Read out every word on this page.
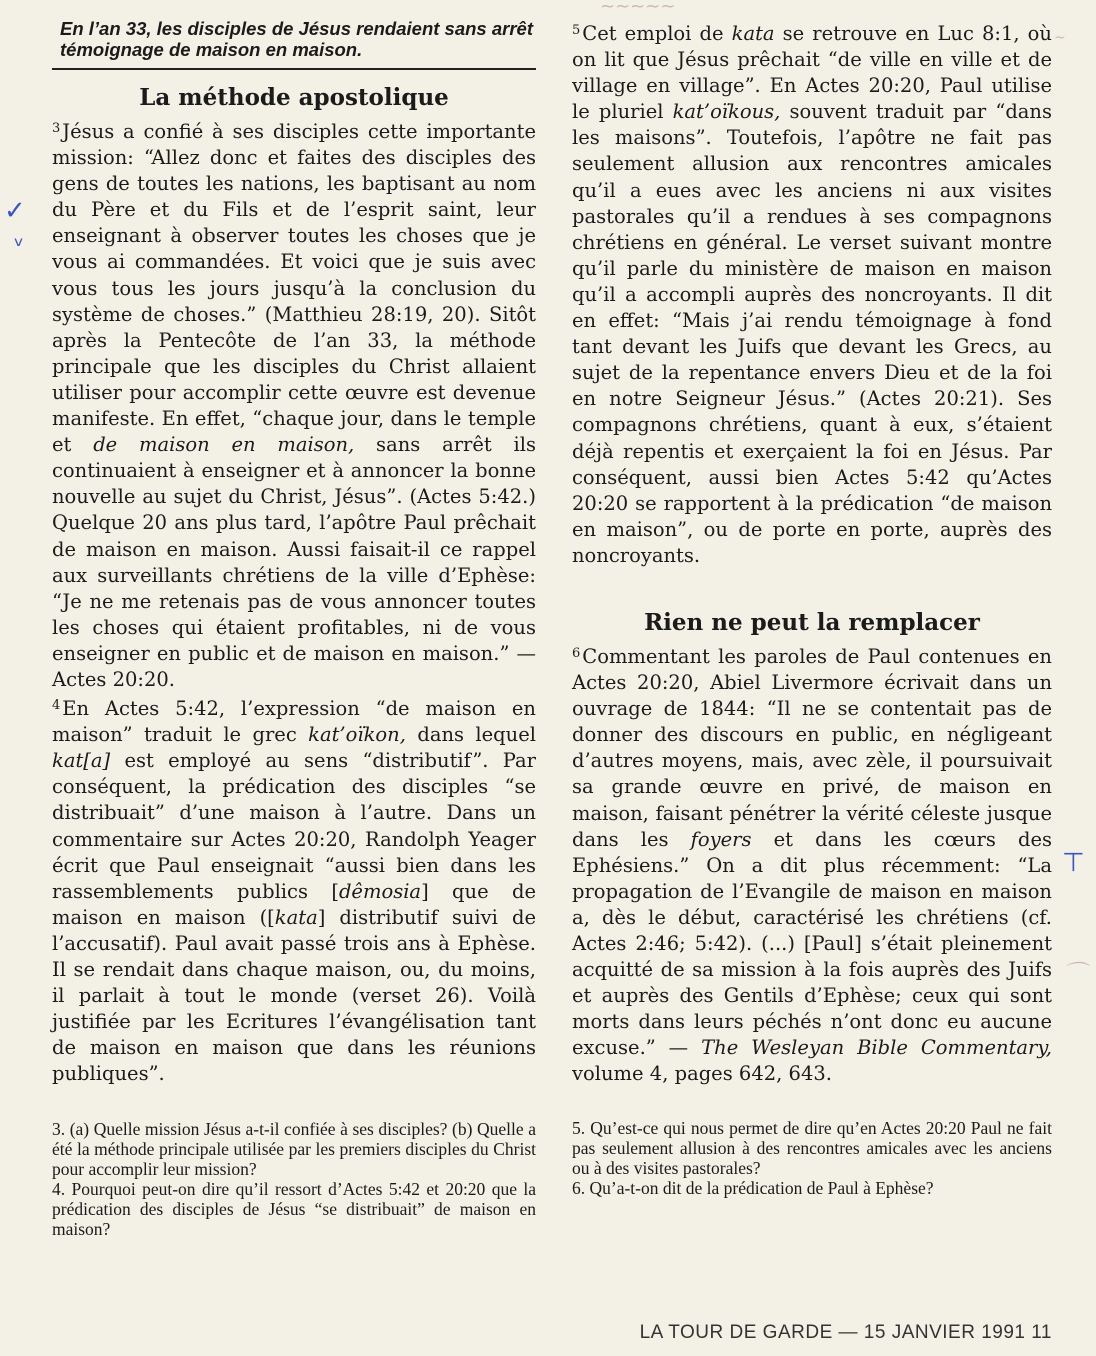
En l’an 33, les disciples de Jésus rendaient sans arrêt témoignage de maison en maison.

La méthode apostolique

$^3$ Jésus a confié à ses disciples cette importante mission: “Allez donc et faites des disciples des gens de toutes les nations, les baptisant au nom du Père et du Fils et de l’esprit saint, leur enseignant à observer toutes les choses que je vous ai commandées. Et voici que je suis avec vous tous les jours jusqu’à la conclusion du système de choses.” (Matthieu 28:19, 20). Sitôt après la Pentecôte de l’an 33, la méthode principale que les disciples du Christ allaient utiliser pour accomplir cette œuvre est devenue manifeste. En effet, “chaque jour, dans le temple et de maison en maison, sans arrêt ils continuaient à enseigner et à annoncer la bonne nouvelle au sujet du Christ, Jésus”. (Actes 5:42.) Quelque 20 ans plus tard, l’apôtre Paul prêchait de maison en maison. Aussi faisait-il ce rappel aux surveillants chrétiens de la ville d’Ephèse: “Je ne me retenais pas de vous annoncer toutes les choses qui étaient profitables, ni de vous enseigner en public et de maison en maison.” — Actes 20:20.

$^4$ En Actes 5:42, l’expression “de maison en maison” traduit le grec kat’oïkon, dans lequel kat[a] est employé au sens “distributif”. Par conséquent, la prédication des disciples “se distribuait” d’une maison à l’autre. Dans un commentaire sur Actes 20:20, Randolph Yeager écrit que Paul enseignait “aussi bien dans les rassemblements publics [dêmosia] que de maison en maison ([kata] distributif suivi de l’accusatif). Paul avait passé trois ans à Ephèse. Il se rendait dans chaque maison, ou, du moins, il parlait à tout le monde (verset 26). Voilà justifiée par les Ecritures l’évangélisation tant de maison en maison que dans les réunions publiques”.

3. (a) Quelle mission Jésus a-t-il confiée à ses disciples? (b) Quelle a été la méthode principale utilisée par les premiers disciples du Christ pour accomplir leur mission?

4. Pourquoi peut-on dire qu’il ressort d’Actes 5:42 et 20:20 que la prédication des disciples de Jésus “se distribuait” de maison en maison?

$^5$ Cet emploi de kata se retrouve en Luc 8:1, où on lit que Jésus prêchait “de ville en ville et de village en village”. En Actes 20:20, Paul utilise le pluriel kat’oïkous, souvent traduit par “dans les maisons”. Toutefois, l’apôtre ne fait pas seulement allusion aux rencontres amicales qu’il a eues avec les anciens ni aux visites pastorales qu’il a rendues à ses compagnons chrétiens en général. Le verset suivant montre qu’il parle du ministère de maison en maison qu’il a accompli auprès des noncroyants. Il dit en effet: “Mais j’ai rendu témoignage à fond tant devant les Juifs que devant les Grecs, au sujet de la repentance envers Dieu et de la foi en notre Seigneur Jésus.” (Actes 20:21). Ses compagnons chrétiens, quant à eux, s’étaient déjà repentis et exerçaient la foi en Jésus. Par conséquent, aussi bien Actes 5:42 qu’Actes 20:20 se rapportent à la prédication “de maison en maison”, ou de porte en porte, auprès des noncroyants.

Rien ne peut la remplacer

$^6$ Commentant les paroles de Paul contenues en Actes 20:20, Abiel Livermore écrivait dans un ouvrage de 1844: “Il ne se contentait pas de donner des discours en public, en négligeant d’autres moyens, mais, avec zèle, il poursuivait sa grande œuvre en privé, de maison en maison, faisant pénétrer la vérité céleste jusque dans les foyers et dans les cœurs des Ephésiens.” On a dit plus récemment: “La propagation de l’Evangile de maison en maison a, dès le début, caractérisé les chrétiens (cf. Actes 2:46; 5:42). (...) [Paul] s’était pleinement acquitté de sa mission à la fois auprès des Juifs et auprès des Gentils d’Ephèse; ceux qui sont morts dans leurs péchés n’ont donc eu aucune excuse.” — The Wesleyan Bible Commentary, volume 4, pages 642, 643.

5. Qu’est-ce qui nous permet de dire qu’en Actes 20:20 Paul ne fait pas seulement allusion à des rencontres amicales avec les anciens ou à des visites pastorales?

6. Qu’a-t-on dit de la prédication de Paul à Ephèse?

LA TOUR DE GARDE — 15 JANVIER 1991 11
✓
ᵛ
⊤
⌒
~~~~~
~
